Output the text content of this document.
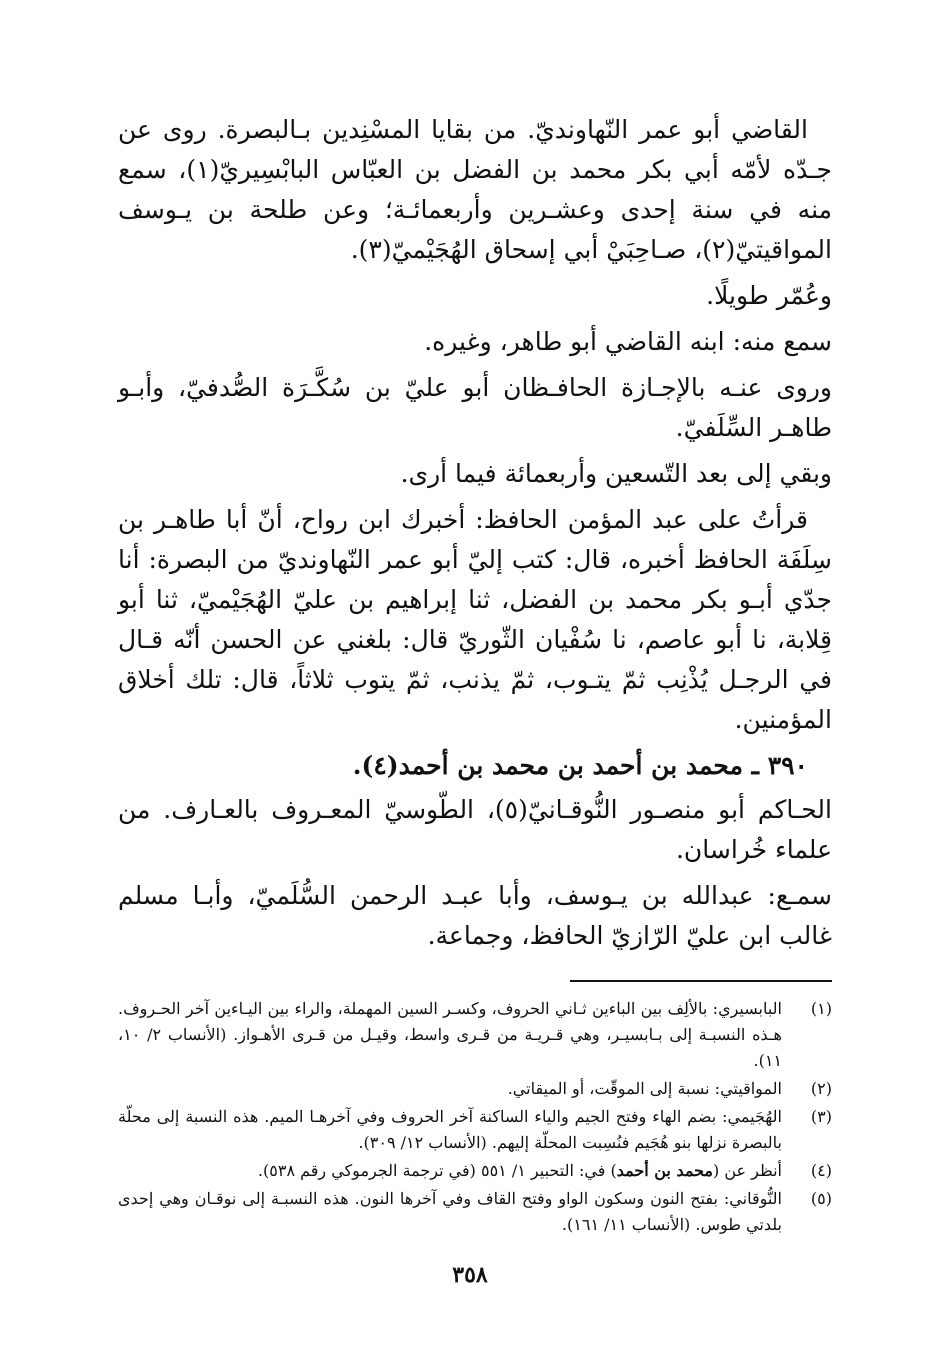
القاضي أبو عمر النّهاونديّ. من بقايا المسْنِدين بـالبصرة. روى عن جـدّه لأمّه أبي بكر محمد بن الفضل بن العبّاس البابْسِيريّ(١)، سمع منه في سنة إحدى وعشـرين وأربعمائـة؛ وعن طلحة بن يـوسف المواقيتيّ(٢)، صـاحِبَيْ أبي إسحاق الهُجَيْميّ(٣).

وعُمّر طويلًا.

سمع منه: ابنه القاضي أبو طاهر، وغيره.

وروى عنـه بالإجـازة الحافـظان أبو عليّ بن سُكَّـرَة الصُّدفيّ، وأبـو طاهـر السِّلَفيّ.

وبقي إلى بعد التّسعين وأربعمائة فيما أرى.

قرأتُ على عبد المؤمن الحافظ: أخبرك ابن رواح، أنّ أبا طاهـر بن سِلَفَة الحافظ أخبره، قال: كتب إليّ أبو عمر النّهاونديّ من البصرة: أنا جدّي أبـو بكر محمد بن الفضل، ثنا إبراهيم بن عليّ الهُجَيْميّ، ثنا أبو قِلابة، نا أبو عاصم، نا سُفْيان الثّوريّ قال: بلغني عن الحسن أنّه قـال في الرجـل يُذْنِب ثمّ يتـوب، ثمّ يذنب، ثمّ يتوب ثلاثاً، قال: تلك أخلاق المؤمنين.

٣٩٠ ـ محمد بن أحمد بن محمد بن أحمد(٤).

الحـاكم أبو منصـور النُّوقـانيّ(٥)، الطّوسيّ المعـروف بالعـارف. من علماء خُراسان.

سمـع: عبدالله بن يـوسف، وأبا عبـد الرحمن السُّلَميّ، وأبـا مسلم غالب ابن عليّ الرّازيّ الحافظ، وجماعة.

(١)
البابسيري: بالألِف بين الباءين ثـاني الحروف، وكسـر السين المهملة، والراء بين اليـاءين آخر الحـروف. هـذه النسبـة إلى بـابسيـر، وهي قـريـة من قـرى واسط، وقيـل من قـرى الأهـواز. (الأنساب ٢/ ١٠، ١١).
(٢)
المواقيتي: نسبة إلى الموقّت، أو الميقاتي.
(٣)
الهُجَيمي: بضم الهاء وفتح الجيم والياء الساكنة آخر الحروف وفي آخرهـا الميم. هذه النسبة إلى محلّة بالبصرة نزلها بنو هُجَيم فنُسِبت المحلّة إليهم. (الأنساب ١٢/ ٣٠٩).
(٤)
أنظر عن (محمد بن أحمد) في: التحبير ١/ ٥٥١ (في ترجمة الجرموكي رقم ٥٣٨).
(٥)
النُّوقاني: بفتح النون وسكون الواو وفتح القاف وفي آخرها النون. هذه النسبـة إلى نوقـان وهي إحدى بلدتي طوس. (الأنساب ١١/ ١٦١).
٣٥٨
